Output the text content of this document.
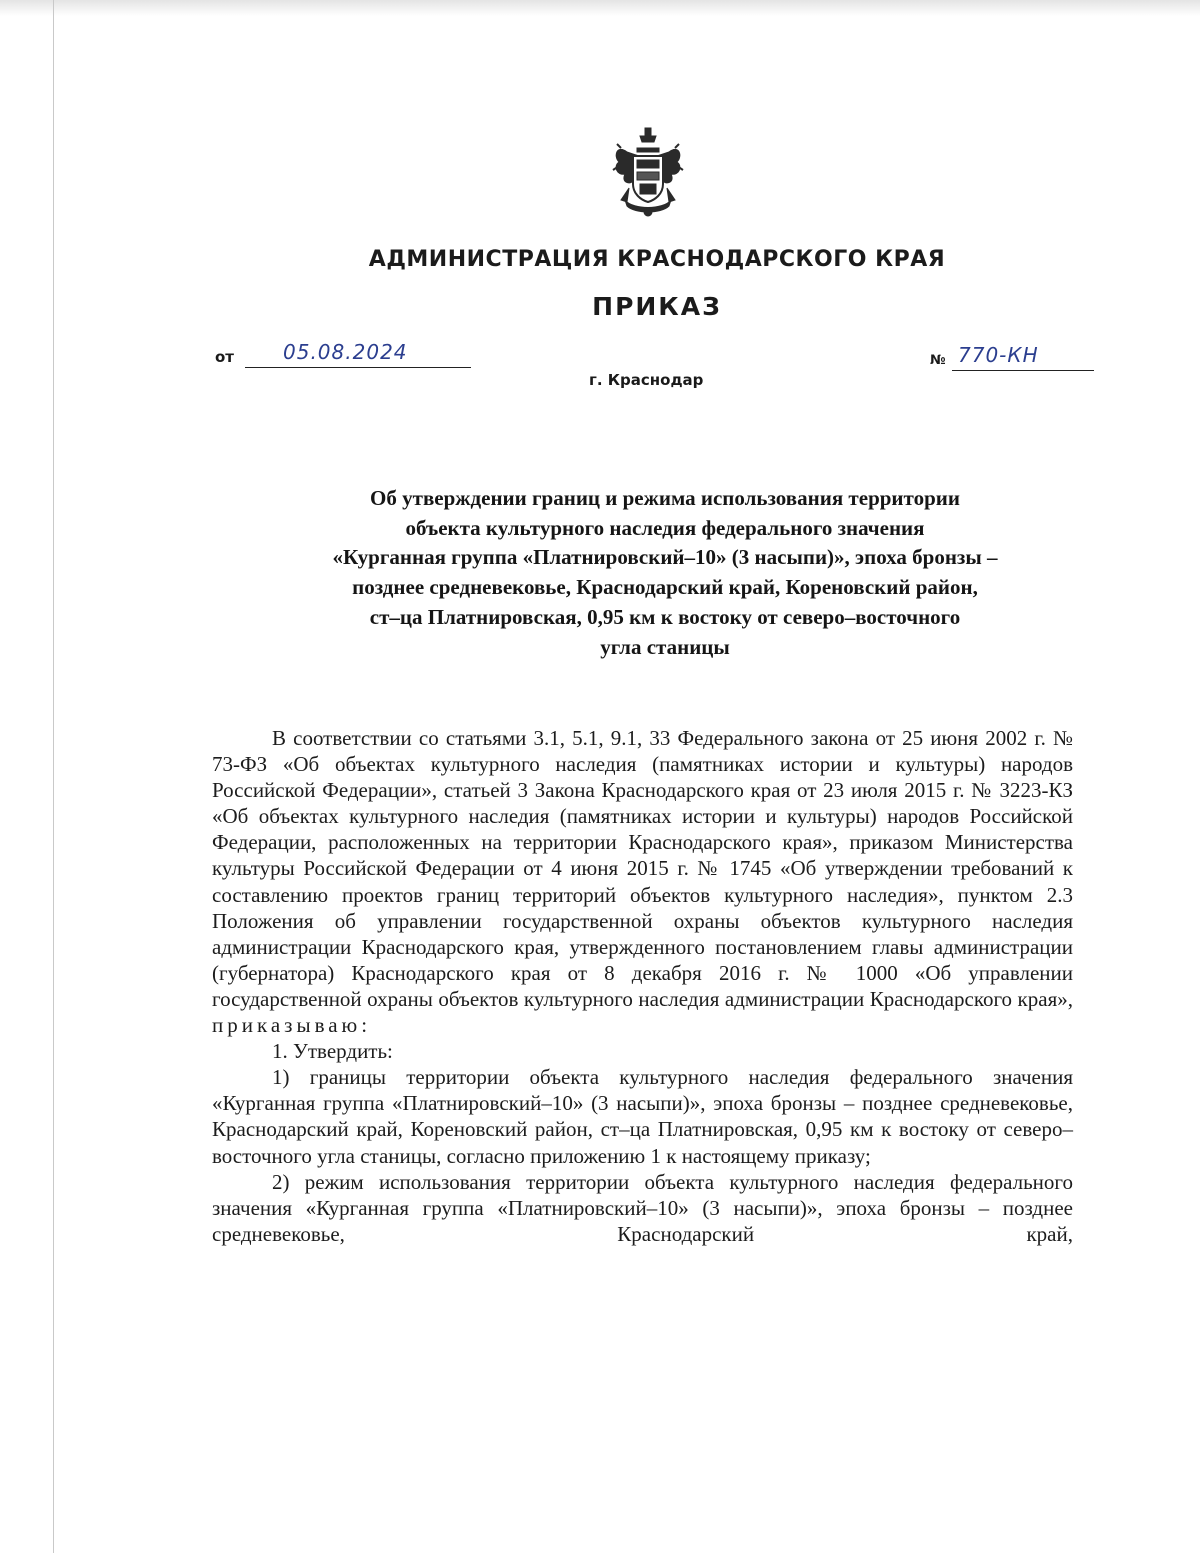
АДМИНИСТРАЦИЯ КРАСНОДАРСКОГО КРАЯ
ПРИКАЗ
от 05.08.2024
г. Краснодар
№ 770-КН
Об утверждении границ и режима использования территории
объекта культурного наследия федерального значения
«Курганная группа «Платнировский–10» (3 насыпи)», эпоха бронзы –
позднее средневековье, Краснодарский край, Кореновский район,
ст–ца Платнировская, 0,95 км к востоку от северо–восточного
угла станицы

В соответствии со статьями 3.1, 5.1, 9.1, 33 Федерального закона от 25 июня 2002 г. № 73-ФЗ «Об объектах культурного наследия (памятниках истории и культуры) народов Российской Федерации», статьей 3 Закона Краснодарского края от 23 июля 2015 г. № 3223-КЗ «Об объектах культурного наследия (памятниках истории и культуры) народов Российской Федерации, расположенных на территории Краснодарского края», приказом Министерства культуры Российской Федерации от 4 июня 2015 г. № 1745 «Об утверждении требований к составлению проектов границ территорий объектов культурного наследия», пунктом 2.3 Положения об управлении государственной охраны объектов культурного наследия администрации Краснодарского края, утвержденного постановлением главы администрации (губернатора) Краснодарского края от 8 декабря 2016 г. № 1000 «Об управлении государственной охраны объектов культурного наследия администрации Краснодарского края», приказываю:

1. Утвердить:

1) границы территории объекта культурного наследия федерального значения «Курганная группа «Платнировский–10» (3 насыпи)», эпоха бронзы – позднее средневековье, Краснодарский край, Кореновский район, ст–ца Платнировская, 0,95 км к востоку от северо–восточного угла станицы, согласно приложению 1 к настоящему приказу;

2) режим использования территории объекта культурного наследия федерального значения «Курганная группа «Платнировский–10» (3 насыпи)», эпоха бронзы – позднее средневековье, Краснодарский край,
